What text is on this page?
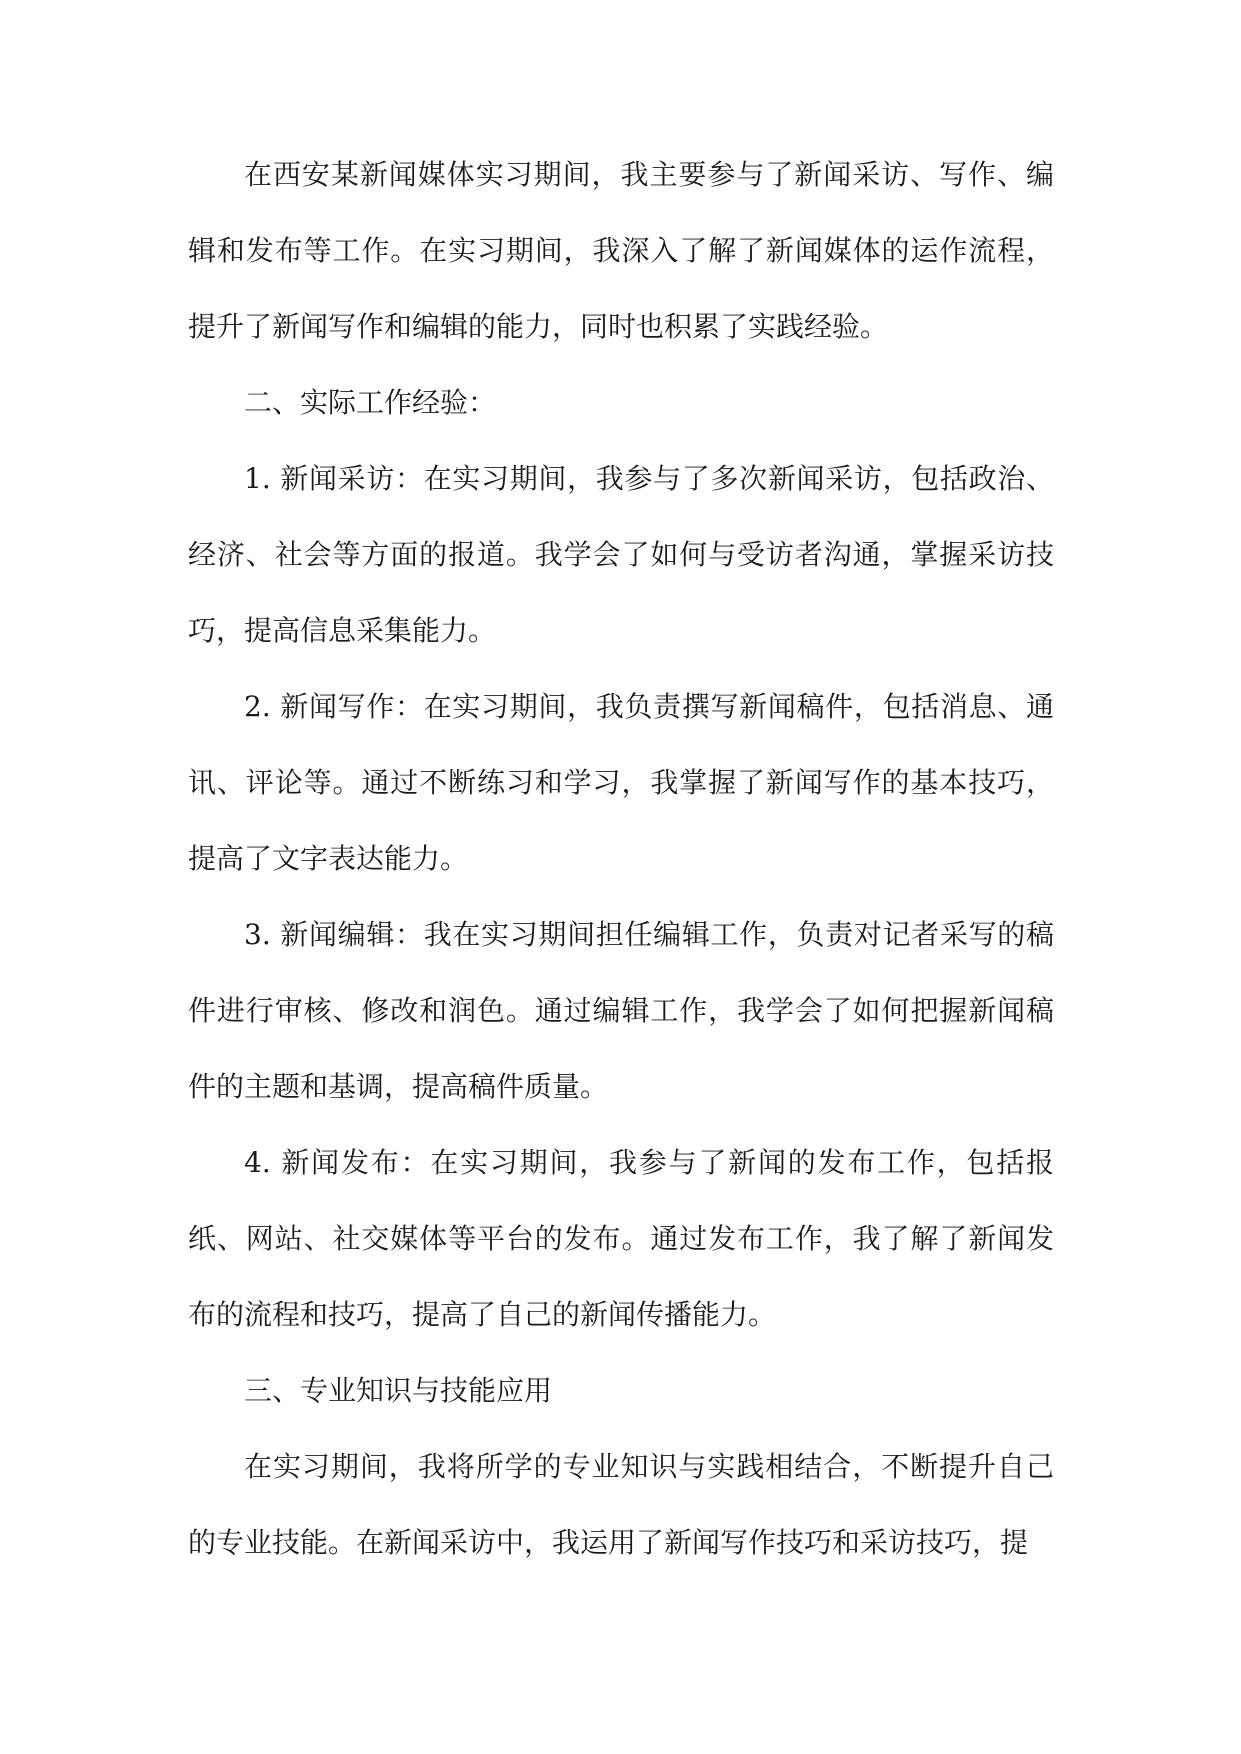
在西安某新闻媒体实习期间，我主要参与了新闻采访、写作、编辑和发布等工作。在实习期间，我深入了解了新闻媒体的运作流程，提升了新闻写作和编辑的能力，同时也积累了实践经验。

二、实际工作经验：

1. 新闻采访：在实习期间，我参与了多次新闻采访，包括政治、经济、社会等方面的报道。我学会了如何与受访者沟通，掌握采访技巧，提高信息采集能力。

2. 新闻写作：在实习期间，我负责撰写新闻稿件，包括消息、通讯、评论等。通过不断练习和学习，我掌握了新闻写作的基本技巧，提高了文字表达能力。

3. 新闻编辑：我在实习期间担任编辑工作，负责对记者采写的稿件进行审核、修改和润色。通过编辑工作，我学会了如何把握新闻稿件的主题和基调，提高稿件质量。

4. 新闻发布：在实习期间，我参与了新闻的发布工作，包括报纸、网站、社交媒体等平台的发布。通过发布工作，我了解了新闻发布的流程和技巧，提高了自己的新闻传播能力。

三、专业知识与技能应用

在实习期间，我将所学的专业知识与实践相结合，不断提升自己的专业技能。在新闻采访中，我运用了新闻写作技巧和采访技巧，提
